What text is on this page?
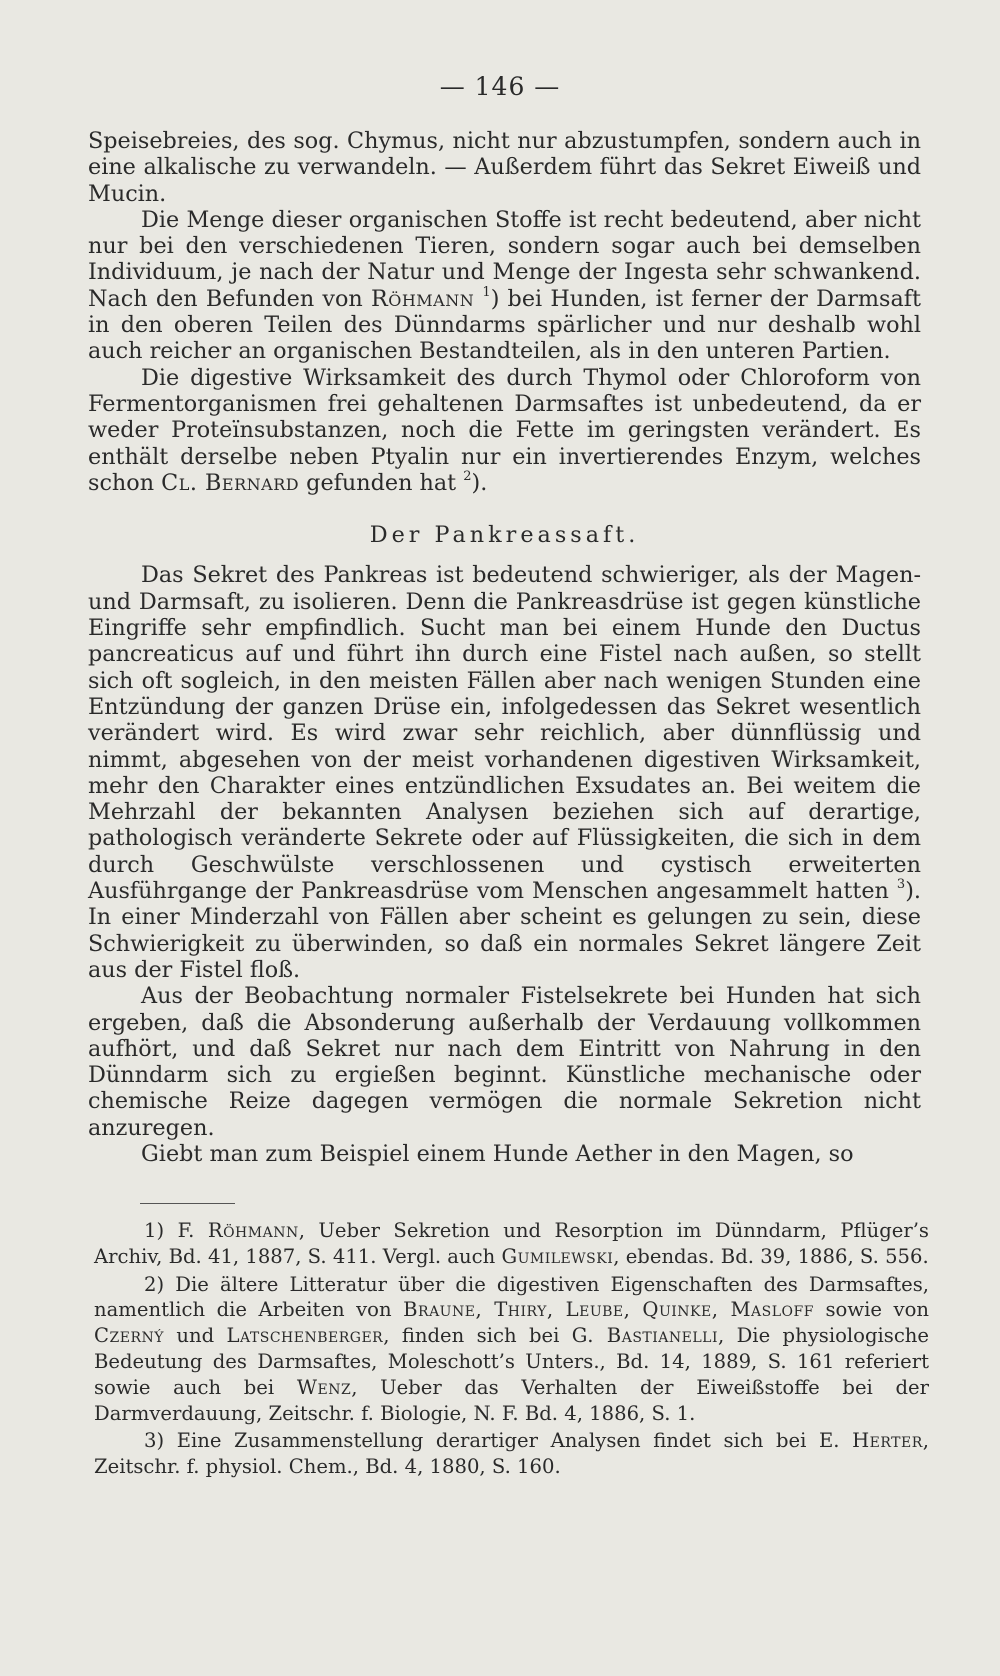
— 146 —

Speisebreies, des sog. Chymus, nicht nur abzustumpfen, sondern auch in eine alkalische zu verwandeln. — Außerdem führt das Sekret Eiweiß und Mucin.

Die Menge dieser organischen Stoffe ist recht bedeutend, aber nicht nur bei den verschiedenen Tieren, sondern sogar auch bei demselben Individuum, je nach der Natur und Menge der Ingesta sehr schwankend. Nach den Befunden von Röhmann $^1$) bei Hunden, ist ferner der Darmsaft in den oberen Teilen des Dünndarms spärlicher und nur deshalb wohl auch reicher an organischen Bestandteilen, als in den unteren Partien.

Die digestive Wirksamkeit des durch Thymol oder Chloroform von Fermentorganismen frei gehaltenen Darmsaftes ist unbedeutend, da er weder Proteïnsubstanzen, noch die Fette im geringsten verändert. Es enthält derselbe neben Ptyalin nur ein invertierendes Enzym, welches schon Cl. Bernard gefunden hat $^2$).

Der Pankreassaft.

Das Sekret des Pankreas ist bedeutend schwieriger, als der Magen- und Darmsaft, zu isolieren. Denn die Pankreasdrüse ist gegen künstliche Eingriffe sehr empfindlich. Sucht man bei einem Hunde den Ductus pancreaticus auf und führt ihn durch eine Fistel nach außen, so stellt sich oft sogleich, in den meisten Fällen aber nach wenigen Stunden eine Entzündung der ganzen Drüse ein, infolgedessen das Sekret wesentlich verändert wird. Es wird zwar sehr reichlich, aber dünnflüssig und nimmt, abgesehen von der meist vorhandenen digestiven Wirksamkeit, mehr den Charakter eines entzündlichen Exsudates an. Bei weitem die Mehrzahl der bekannten Analysen beziehen sich auf derartige, pathologisch veränderte Sekrete oder auf Flüssigkeiten, die sich in dem durch Geschwülste verschlossenen und cystisch erweiterten Ausführgange der Pankreasdrüse vom Menschen angesammelt hatten $^3$). In einer Minderzahl von Fällen aber scheint es gelungen zu sein, diese Schwierigkeit zu überwinden, so daß ein normales Sekret längere Zeit aus der Fistel floß.

Aus der Beobachtung normaler Fistelsekrete bei Hunden hat sich ergeben, daß die Absonderung außerhalb der Verdauung vollkommen aufhört, und daß Sekret nur nach dem Eintritt von Nahrung in den Dünndarm sich zu ergießen beginnt. Künstliche mechanische oder chemische Reize dagegen vermögen die normale Sekretion nicht anzuregen.

Giebt man zum Beispiel einem Hunde Aether in den Magen, so

1) F. Röhmann, Ueber Sekretion und Resorption im Dünndarm, Pflüger’s Archiv, Bd. 41, 1887, S. 411. Vergl. auch Gumilewski, ebendas. Bd. 39, 1886, S. 556.

2) Die ältere Litteratur über die digestiven Eigenschaften des Darmsaftes, namentlich die Arbeiten von Braune, Thiry, Leube, Quinke, Masloff sowie von Czerný und Latschenberger, finden sich bei G. Bastianelli, Die physiologische Bedeutung des Darmsaftes, Moleschott’s Unters., Bd. 14, 1889, S. 161 referiert sowie auch bei Wenz, Ueber das Verhalten der Eiweißstoffe bei der Darmverdauung, Zeitschr. f. Biologie, N. F. Bd. 4, 1886, S. 1.

3) Eine Zusammenstellung derartiger Analysen findet sich bei E. Herter, Zeitschr. f. physiol. Chem., Bd. 4, 1880, S. 160.
